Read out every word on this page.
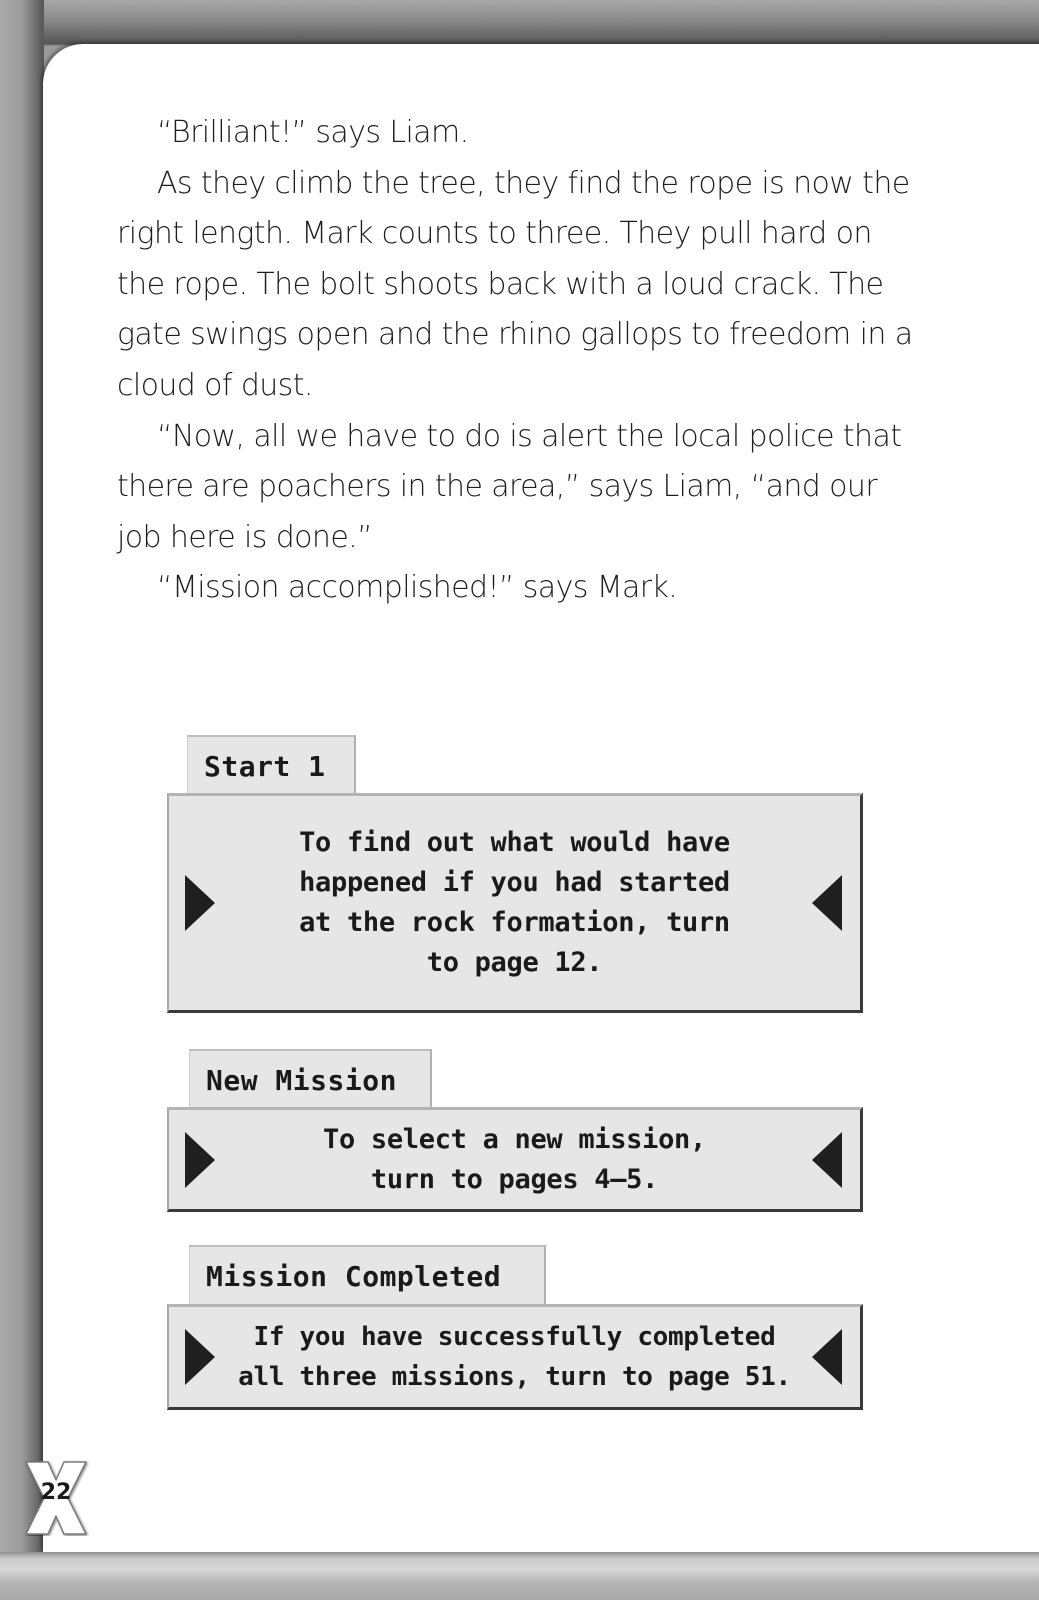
“Brilliant!” says Liam.

As they climb the tree, they find the rope is now the right length. Mark counts to three. They pull hard on the rope. The bolt shoots back with a loud crack. The gate swings open and the rhino gallops to freedom in a cloud of dust.

“Now, all we have to do is alert the local police that there are poachers in the area,” says Liam, “and our job here is done.”

“Mission accomplished!” says Mark.

Start 1
To find out what would have
happened if you had started
at the rock formation, turn
to page 12.
New Mission
To select a new mission,
turn to pages 4–5.
Mission Completed
If you have successfully completed
all three missions, turn to page 51.
22
